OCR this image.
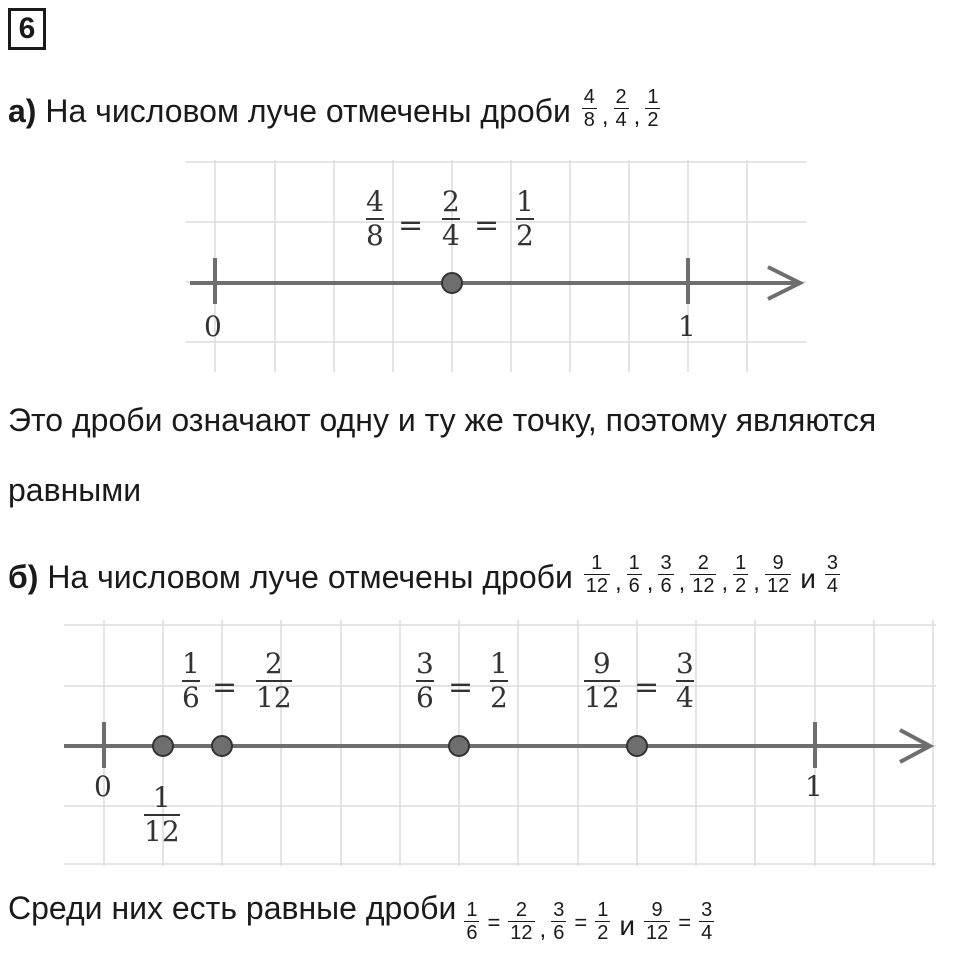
6
а) На числовом луче отмечены дроби 4
8 ,
2
4 ,
1
2
0	1
4
8 =
2
4 =
1
2
Это дроби означают одну и ту же точку, поэтому являются
равными
б) На числовом луче отмечены дроби 1
12 ,
1
6 ,
3
6 ,
2
12 ,
1
2 ,
9
12 и 3
4
0	1
1
6 =
2
12
3
6 =
1
2
9
12 =
3
4
1
12
Среди них есть равные дроби $\frac{1}{6} = \frac{2}{12}$ , $\frac{3}{6} = \frac{1}{2}$ и $\frac{9}{12} = \frac{3}{4}$
